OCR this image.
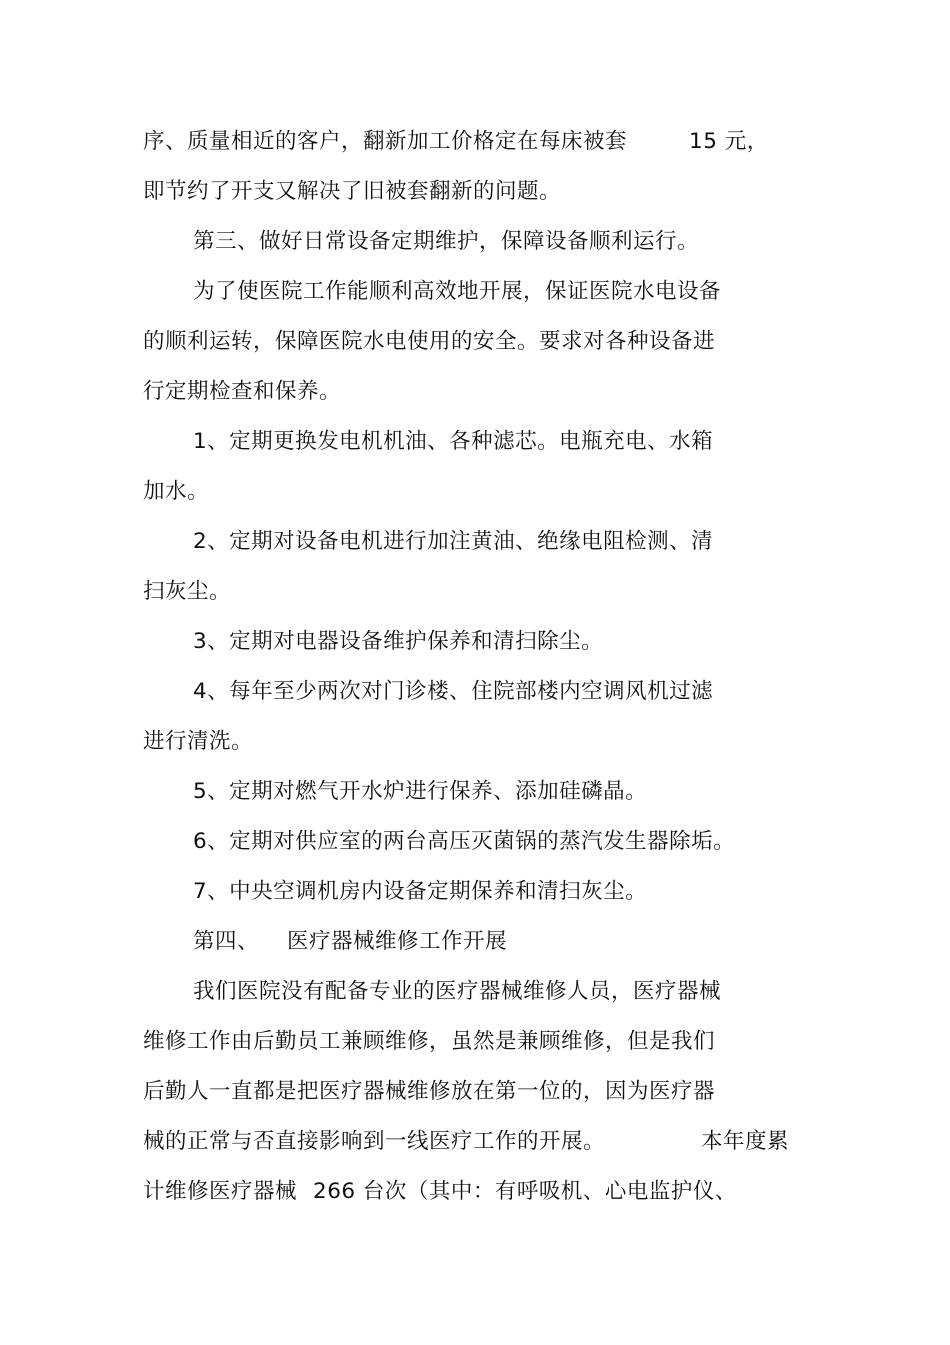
序、质量相近的客户，翻新加工价格定在每床被套	15 元，
即节约了开支又解决了旧被套翻新的问题。
第三、做好日常设备定期维护，保障设备顺利运行。
为了使医院工作能顺利高效地开展，保证医院水电设备
的顺利运转，保障医院水电使用的安全。要求对各种设备进
行定期检查和保养。
1、定期更换发电机机油、各种滤芯。电瓶充电、水箱
加水。
2、定期对设备电机进行加注黄油、绝缘电阻检测、清
扫灰尘。
3、定期对电器设备维护保养和清扫除尘。
4、每年至少两次对门诊楼、住院部楼内空调风机过滤
进行清洗。
5、定期对燃气开水炉进行保养、添加硅磷晶。
6、定期对供应室的两台高压灭菌锅的蒸汽发生器除垢。
7、中央空调机房内设备定期保养和清扫灰尘。
第四、 医疗器械维修工作开展
我们医院没有配备专业的医疗器械维修人员，医疗器械
维修工作由后勤员工兼顾维修，虽然是兼顾维修，但是我们
后勤人一直都是把医疗器械维修放在第一位的，因为医疗器
械的正常与否直接影响到一线医疗工作的开展。	本年度累
计维修医疗器械 266 台次（其中：有呼吸机、心电监护仪、
